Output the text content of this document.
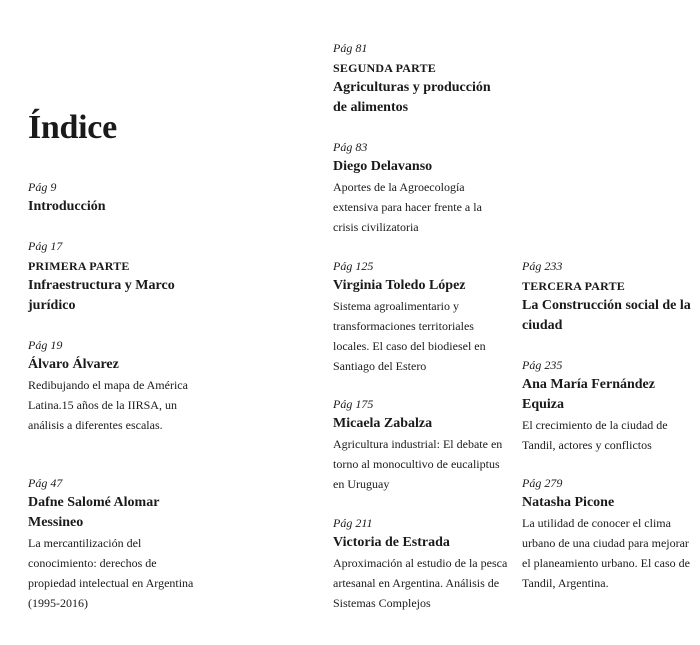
Índice
Pág 9
Introducción
Pág 17
PRIMERA PARTE
Infraestructura y Marco jurídico
Pág 19
Álvaro Álvarez
Redibujando el mapa de América Latina.15 años de la IIRSA, un análisis a diferentes escalas.
Pág 47
Dafne Salomé Alomar Messineo
La mercantilización del conocimiento: derechos de propiedad intelectual en Argentina (1995-2016)
Pág 81
SEGUNDA PARTE
Agriculturas y producción de alimentos
Pág 83
Diego Delavanso
Aportes de la Agroecología extensiva para hacer frente a la crisis civilizatoria
Pág 125
Virginia Toledo López
Sistema agroalimentario y transformaciones territoriales locales. El caso del biodiesel en Santiago del Estero
Pág 175
Micaela Zabalza
Agricultura industrial: El debate en torno al monocultivo de eucaliptus en Uruguay
Pág 211
Victoria de Estrada
Aproximación al estudio de la pesca artesanal en Argentina. Análisis de Sistemas Complejos
Pág 233
TERCERA PARTE
La Construcción social de la ciudad
Pág 235
Ana María Fernández Equiza
El crecimiento de la ciudad de Tandil, actores y conflictos
Pág 279
Natasha Picone
La utilidad de conocer el clima urbano de una ciudad para mejorar el planeamiento urbano. El caso de Tandil, Argentina.
